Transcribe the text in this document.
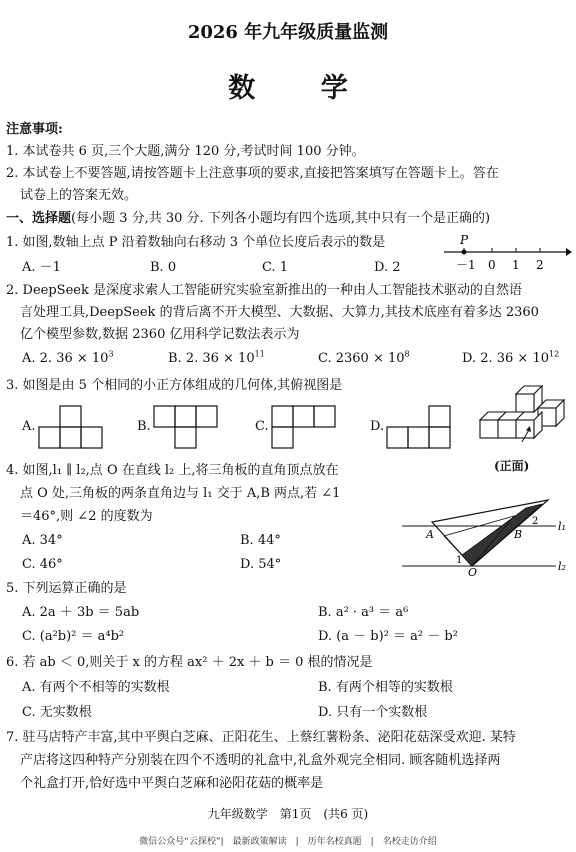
2026 年九年级质量监测
数 学
注意事项:
1. 本试卷共 6 页,三个大题,满分 120 分,考试时间 100 分钟。
2. 本试卷上不要答题,请按答题卡上注意事项的要求,直接把答案填写在答题卡上。答在
试卷上的答案无效。
一、选择题(每小题 3 分,共 30 分. 下列各小题均有四个选项,其中只有一个是正确的)
1. 如图,数轴上点 P 沿着数轴向右移动 3 个单位长度后表示的数是
A. －1	B. 0	C. 1	D. 2
P
－1 0 1 2
2. DeepSeek 是深度求索人工智能研究实验室新推出的一种由人工智能技术驱动的自然语
言处理工具,DeepSeek 的背后离不开大模型、大数据、大算力,其技术底座有着多达 2360
亿个模型参数,数据 2360 亿用科学记数法表示为
A. 2. $36 \times 10^3$	B. 2. $36 \times 10^{11}$	C. $2360 \times 10^8$	D. 2. $36 \times 10^{12}$
3. 如图是由 5 个相同的小正方体组成的几何体,其俯视图是
A.	B.	C.	D.
(正面)
4. 如图,l₁ ∥ l₂,点 O 在直线 l₂ 上,将三角板的直角顶点放在
点 O 处,三角板的两条直角边与 l₁ 交于 A,B 两点,若 ∠1
＝46°,则 ∠2 的度数为
A. 34°	B. 44°
C. 46°	D. 54°
l₁
l₂
A	B
O
1
2
5. 下列运算正确的是
A. 2a ＋ 3b ＝ 5ab	B. a² · a³ ＝ a⁶
C. (a²b)² ＝ a⁴b²	D. (a － b)² ＝ a² － b²
6. 若 ab ＜ 0,则关于 x 的方程 ax² ＋ 2x ＋ b ＝ 0 根的情况是
A. 有两个不相等的实数根	B. 有两个相等的实数根
C. 无实数根	D. 只有一个实数根
7. 驻马店特产丰富,其中平舆白芝麻、正阳花生、上蔡红薯粉条、泌阳花菇深受欢迎. 某特
产店将这四种特产分别装在四个不透明的礼盒中,礼盒外观完全相同. 顾客随机选择两
个礼盒打开,恰好选中平舆白芝麻和泌阳花菇的概率是
九年级数学　第1页　(共6 页)
微信公众号“云探校”|　最新政策解读　|　历年名校真题　|　名校走访介绍
